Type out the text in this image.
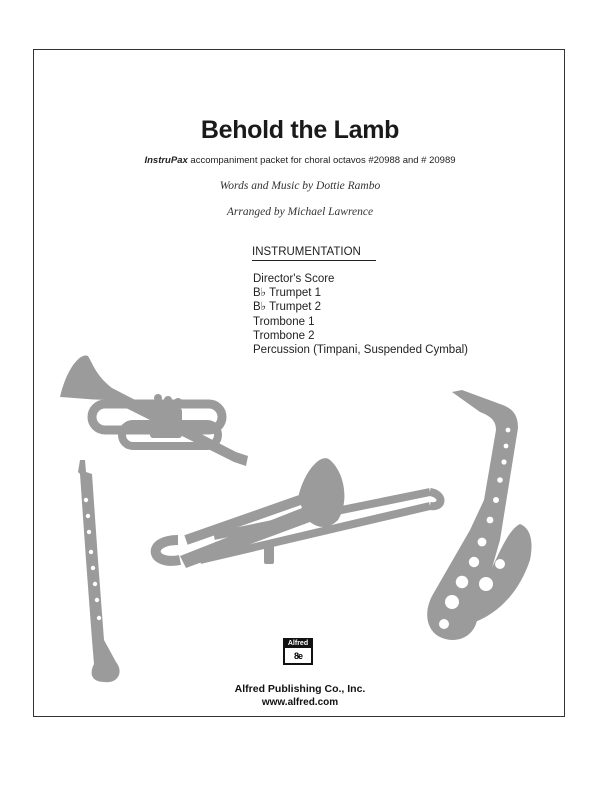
Behold the Lamb
InstruPax accompaniment packet for choral octavos #20988 and # 20989
Words and Music by Dottie Rambo
Arranged by Michael Lawrence
INSTRUMENTATION
Director's Score
B♭ Trumpet 1
B♭ Trumpet 2
Trombone 1
Trombone 2
Percussion (Timpani, Suspended Cymbal)
Alfred
8e
Alfred Publishing Co., Inc.
www.alfred.com
